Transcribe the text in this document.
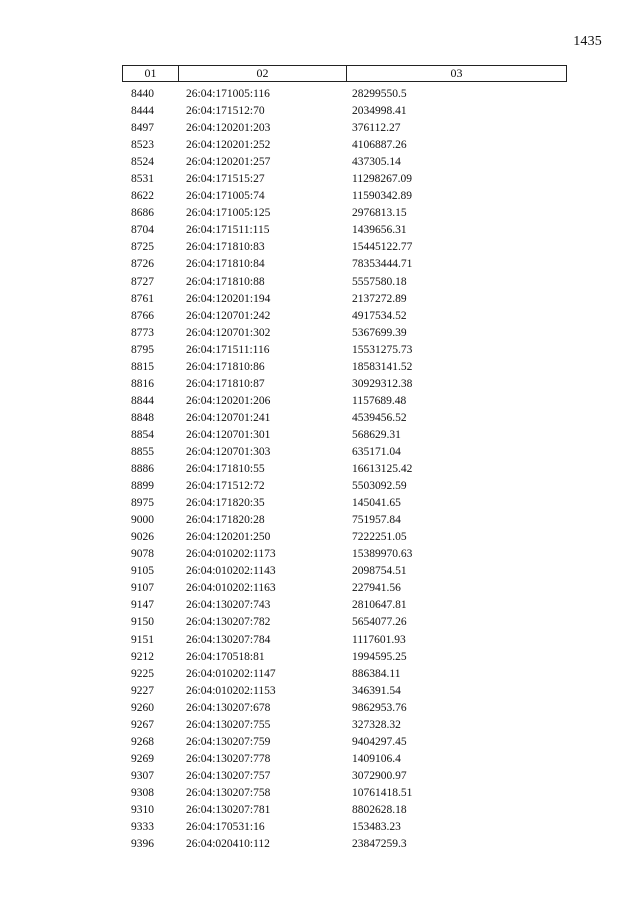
1435
01	02	03
8440	26:04:171005:116	28299550.5
8444	26:04:171512:70	2034998.41
8497	26:04:120201:203	376112.27
8523	26:04:120201:252	4106887.26
8524	26:04:120201:257	437305.14
8531	26:04:171515:27	11298267.09
8622	26:04:171005:74	11590342.89
8686	26:04:171005:125	2976813.15
8704	26:04:171511:115	1439656.31
8725	26:04:171810:83	15445122.77
8726	26:04:171810:84	78353444.71
8727	26:04:171810:88	5557580.18
8761	26:04:120201:194	2137272.89
8766	26:04:120701:242	4917534.52
8773	26:04:120701:302	5367699.39
8795	26:04:171511:116	15531275.73
8815	26:04:171810:86	18583141.52
8816	26:04:171810:87	30929312.38
8844	26:04:120201:206	1157689.48
8848	26:04:120701:241	4539456.52
8854	26:04:120701:301	568629.31
8855	26:04:120701:303	635171.04
8886	26:04:171810:55	16613125.42
8899	26:04:171512:72	5503092.59
8975	26:04:171820:35	145041.65
9000	26:04:171820:28	751957.84
9026	26:04:120201:250	7222251.05
9078	26:04:010202:1173	15389970.63
9105	26:04:010202:1143	2098754.51
9107	26:04:010202:1163	227941.56
9147	26:04:130207:743	2810647.81
9150	26:04:130207:782	5654077.26
9151	26:04:130207:784	1117601.93
9212	26:04:170518:81	1994595.25
9225	26:04:010202:1147	886384.11
9227	26:04:010202:1153	346391.54
9260	26:04:130207:678	9862953.76
9267	26:04:130207:755	327328.32
9268	26:04:130207:759	9404297.45
9269	26:04:130207:778	1409106.4
9307	26:04:130207:757	3072900.97
9308	26:04:130207:758	10761418.51
9310	26:04:130207:781	8802628.18
9333	26:04:170531:16	153483.23
9396	26:04:020410:112	23847259.3
